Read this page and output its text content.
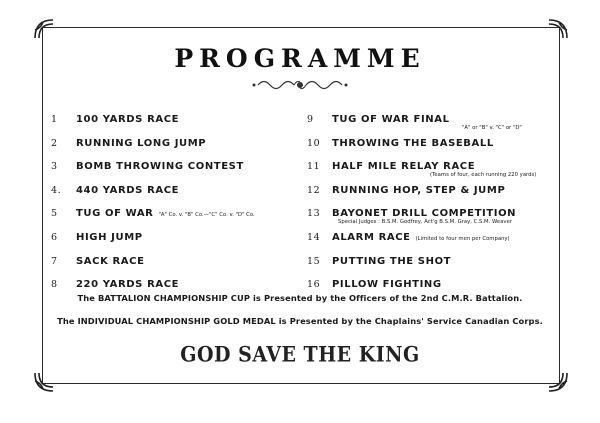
PROGRAMME
1 100 YARDS RACE
2 RUNNING LONG JUMP
3 BOMB THROWING CONTEST
4. 440 YARDS RACE
5 TUG OF WAR "A" Co. v. "B" Co.—"C" Co. v. "D" Co.
6 HIGH JUMP
7 SACK RACE
8 220 YARDS RACE
9 TUG OF WAR FINAL
"A" or "B" v. "C" or "D"
10 THROWING THE BASEBALL
11 HALF MILE RELAY RACE
(Teams of four, each running 220 yards)
12 RUNNING HOP, STEP & JUMP
13 BAYONET DRILL COMPETITION
Special Judges : B.S.M. Godfrey, Act'g B.S.M. Gray, C.S.M. Weaver
14 ALARM RACE (Limited to four men per Company)
15 PUTTING THE SHOT
16 PILLOW FIGHTING
The BATTALION CHAMPIONSHIP CUP is Presented by the Officers of the 2nd C.M.R. Battalion.
The INDIVIDUAL CHAMPIONSHIP GOLD MEDAL is Presented by the Chaplains' Service Canadian Corps.
GOD SAVE THE KING
